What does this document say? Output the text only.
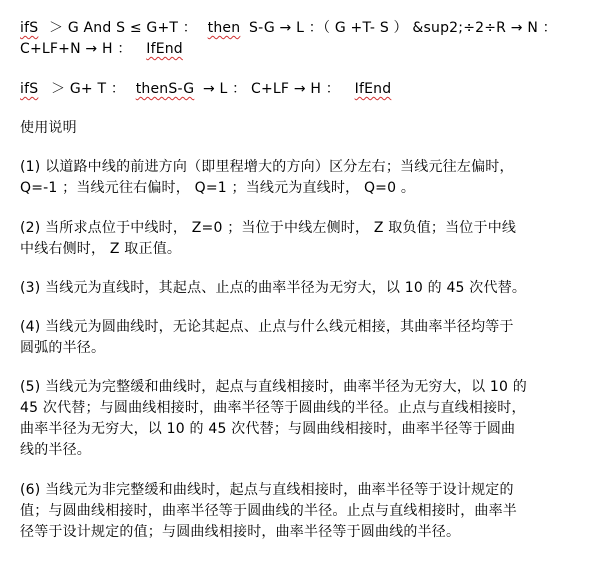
ifS ＞ G And S ≤ G+T ： then S-G → L ：（ G +T- S ） &sup2;÷2÷R → N ：
C+LF+N → H ： IfEnd
ifS ＞ G+ T ： thenS-G → L ： C+LF → H ： IfEnd
使用说明
(1) 以道路中线的前进方向（即里程增大的方向）区分左右；当线元往左偏时，
Q=-1 ；当线元往右偏时， Q=1 ；当线元为直线时， Q=0 。
(2) 当所求点位于中线时， Z=0 ；当位于中线左侧时， Z 取负值；当位于中线
中线右侧时， Z 取正值。
(3) 当线元为直线时，其起点、止点的曲率半径为无穷大，以 10 的 45 次代替。
(4) 当线元为圆曲线时，无论其起点、止点与什么线元相接，其曲率半径均等于
圆弧的半径。
(5) 当线元为完整缓和曲线时，起点与直线相接时，曲率半径为无穷大，以 10 的
45 次代替；与圆曲线相接时，曲率半径等于圆曲线的半径。止点与直线相接时，
曲率半径为无穷大，以 10 的 45 次代替；与圆曲线相接时，曲率半径等于圆曲
线的半径。
(6) 当线元为非完整缓和曲线时，起点与直线相接时，曲率半径等于设计规定的
值；与圆曲线相接时，曲率半径等于圆曲线的半径。止点与直线相接时，曲率半
径等于设计规定的值；与圆曲线相接时，曲率半径等于圆曲线的半径。
